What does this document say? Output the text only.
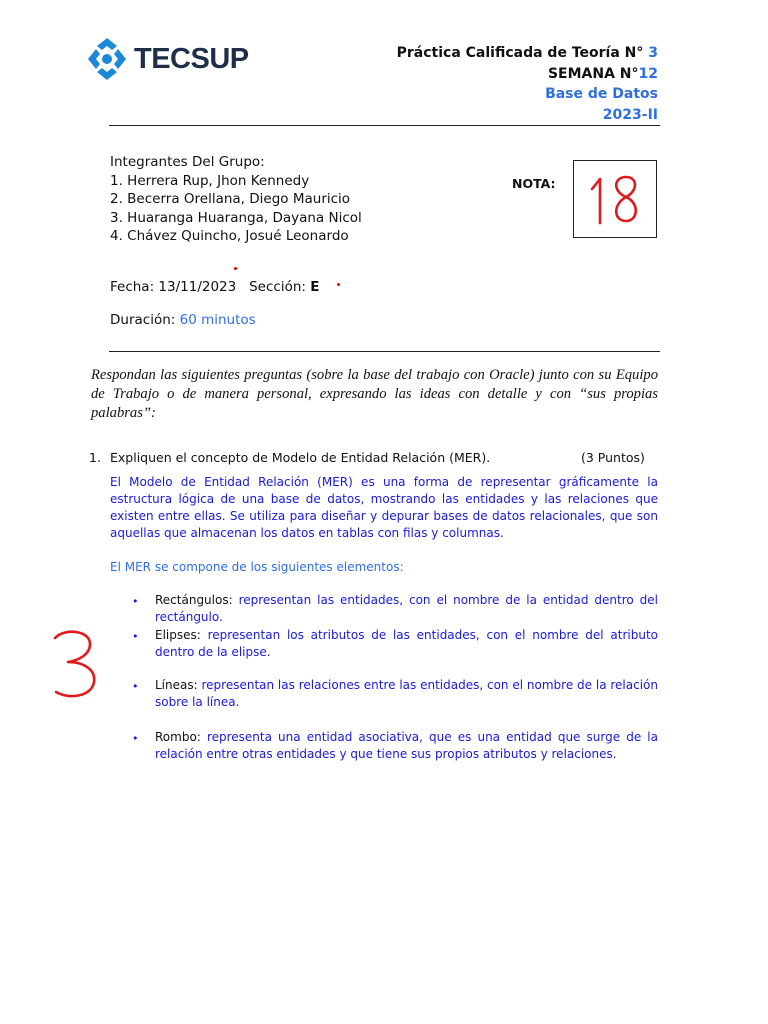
TECSUP	Práctica Calificada de Teoría N° 3
SEMANA N°12
Base de Datos
2023-II
Integrantes Del Grupo:
1. Herrera Rup, Jhon Kennedy
2. Becerra Orellana, Diego Mauricio
3. Huaranga Huaranga, Dayana Nicol
4. Chávez Quincho, Josué Leonardo
NOTA:
Fecha: 13/11/2023 Sección: E
Duración: 60 minutos
Respondan las siguientes preguntas (sobre la base del trabajo con Oracle) junto con su Equipo de Trabajo o de manera personal, expresando las ideas con detalle y con “sus propias palabras”:
1. Expliquen el concepto de Modelo de Entidad Relación (MER).	(3 Puntos)
El Modelo de Entidad Relación (MER) es una forma de representar gráficamente la estructura lógica de una base de datos, mostrando las entidades y las relaciones que existen entre ellas. Se utiliza para diseñar y depurar bases de datos relacionales, que son aquellas que almacenan los datos en tablas con filas y columnas.
El MER se compone de los siguientes elementos:
• Rectángulos: representan las entidades, con el nombre de la entidad dentro del rectángulo.
• Elipses: representan los atributos de las entidades, con el nombre del atributo dentro de la elipse.
• Líneas: representan las relaciones entre las entidades, con el nombre de la relación sobre la línea.
• Rombo: representa una entidad asociativa, que es una entidad que surge de la relación entre otras entidades y que tiene sus propios atributos y relaciones.
